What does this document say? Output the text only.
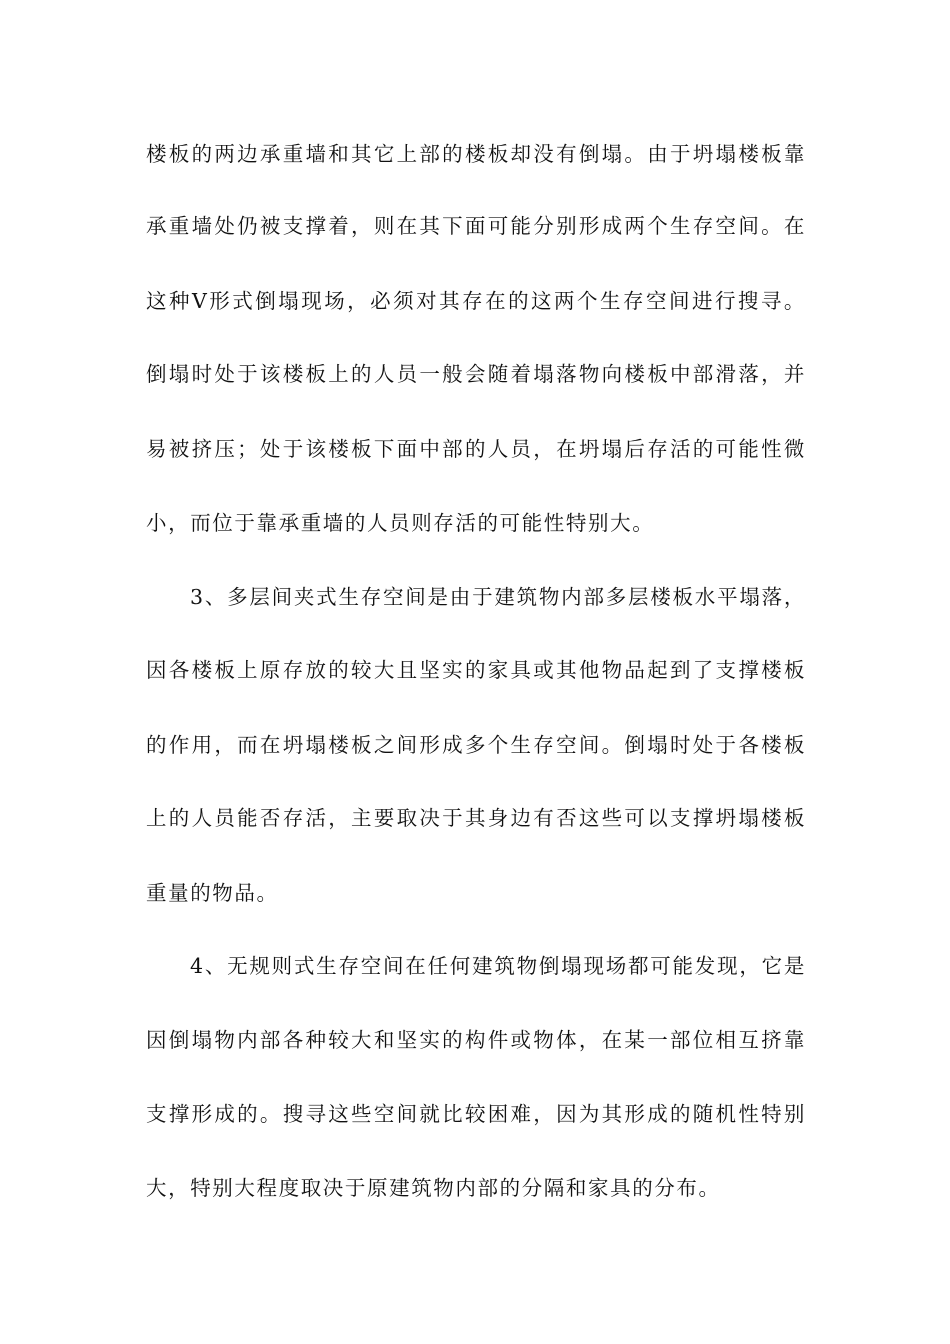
楼板的两边承重墙和其它上部的楼板却没有倒塌。由于坍塌楼板靠
承重墙处仍被支撑着，则在其下面可能分别形成两个生存空间。在
这种V形式倒塌现场，必须对其存在的这两个生存空间进行搜寻。
倒塌时处于该楼板上的人员一般会随着塌落物向楼板中部滑落，并
易被挤压；处于该楼板下面中部的人员，在坍塌后存活的可能性微
小，而位于靠承重墙的人员则存活的可能性特别大。
3、多层间夹式生存空间是由于建筑物内部多层楼板水平塌落，
因各楼板上原存放的较大且坚实的家具或其他物品起到了支撑楼板
的作用，而在坍塌楼板之间形成多个生存空间。倒塌时处于各楼板
上的人员能否存活，主要取决于其身边有否这些可以支撑坍塌楼板
重量的物品。
4、无规则式生存空间在任何建筑物倒塌现场都可能发现，它是
因倒塌物内部各种较大和坚实的构件或物体，在某一部位相互挤靠
支撑形成的。搜寻这些空间就比较困难，因为其形成的随机性特别
大，特别大程度取决于原建筑物内部的分隔和家具的分布。
